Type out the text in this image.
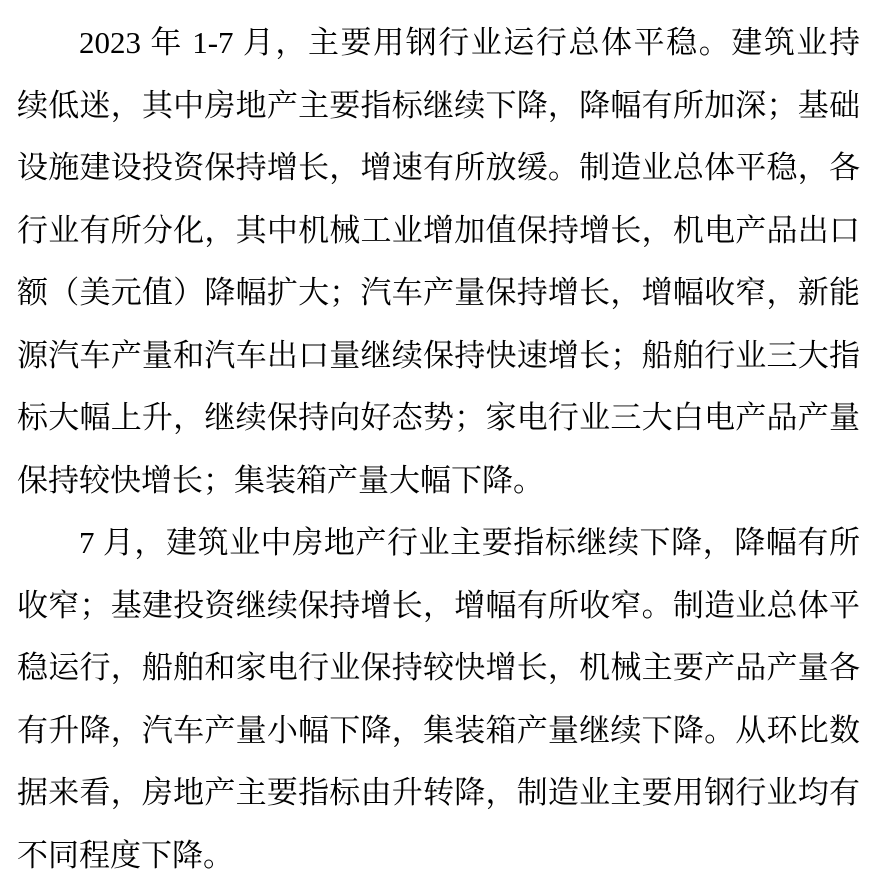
2023 年 1-7 月，主要用钢行业运行总体平稳。建筑业持
续低迷，其中房地产主要指标继续下降，降幅有所加深；基础
设施建设投资保持增长，增速有所放缓。制造业总体平稳，各
行业有所分化，其中机械工业增加值保持增长，机电产品出口
额（美元值）降幅扩大；汽车产量保持增长，增幅收窄，新能
源汽车产量和汽车出口量继续保持快速增长；船舶行业三大指
标大幅上升，继续保持向好态势；家电行业三大白电产品产量
保持较快增长；集装箱产量大幅下降。
7 月，建筑业中房地产行业主要指标继续下降，降幅有所
收窄；基建投资继续保持增长，增幅有所收窄。制造业总体平
稳运行，船舶和家电行业保持较快增长，机械主要产品产量各
有升降，汽车产量小幅下降，集装箱产量继续下降。从环比数
据来看，房地产主要指标由升转降，制造业主要用钢行业均有
不同程度下降。
